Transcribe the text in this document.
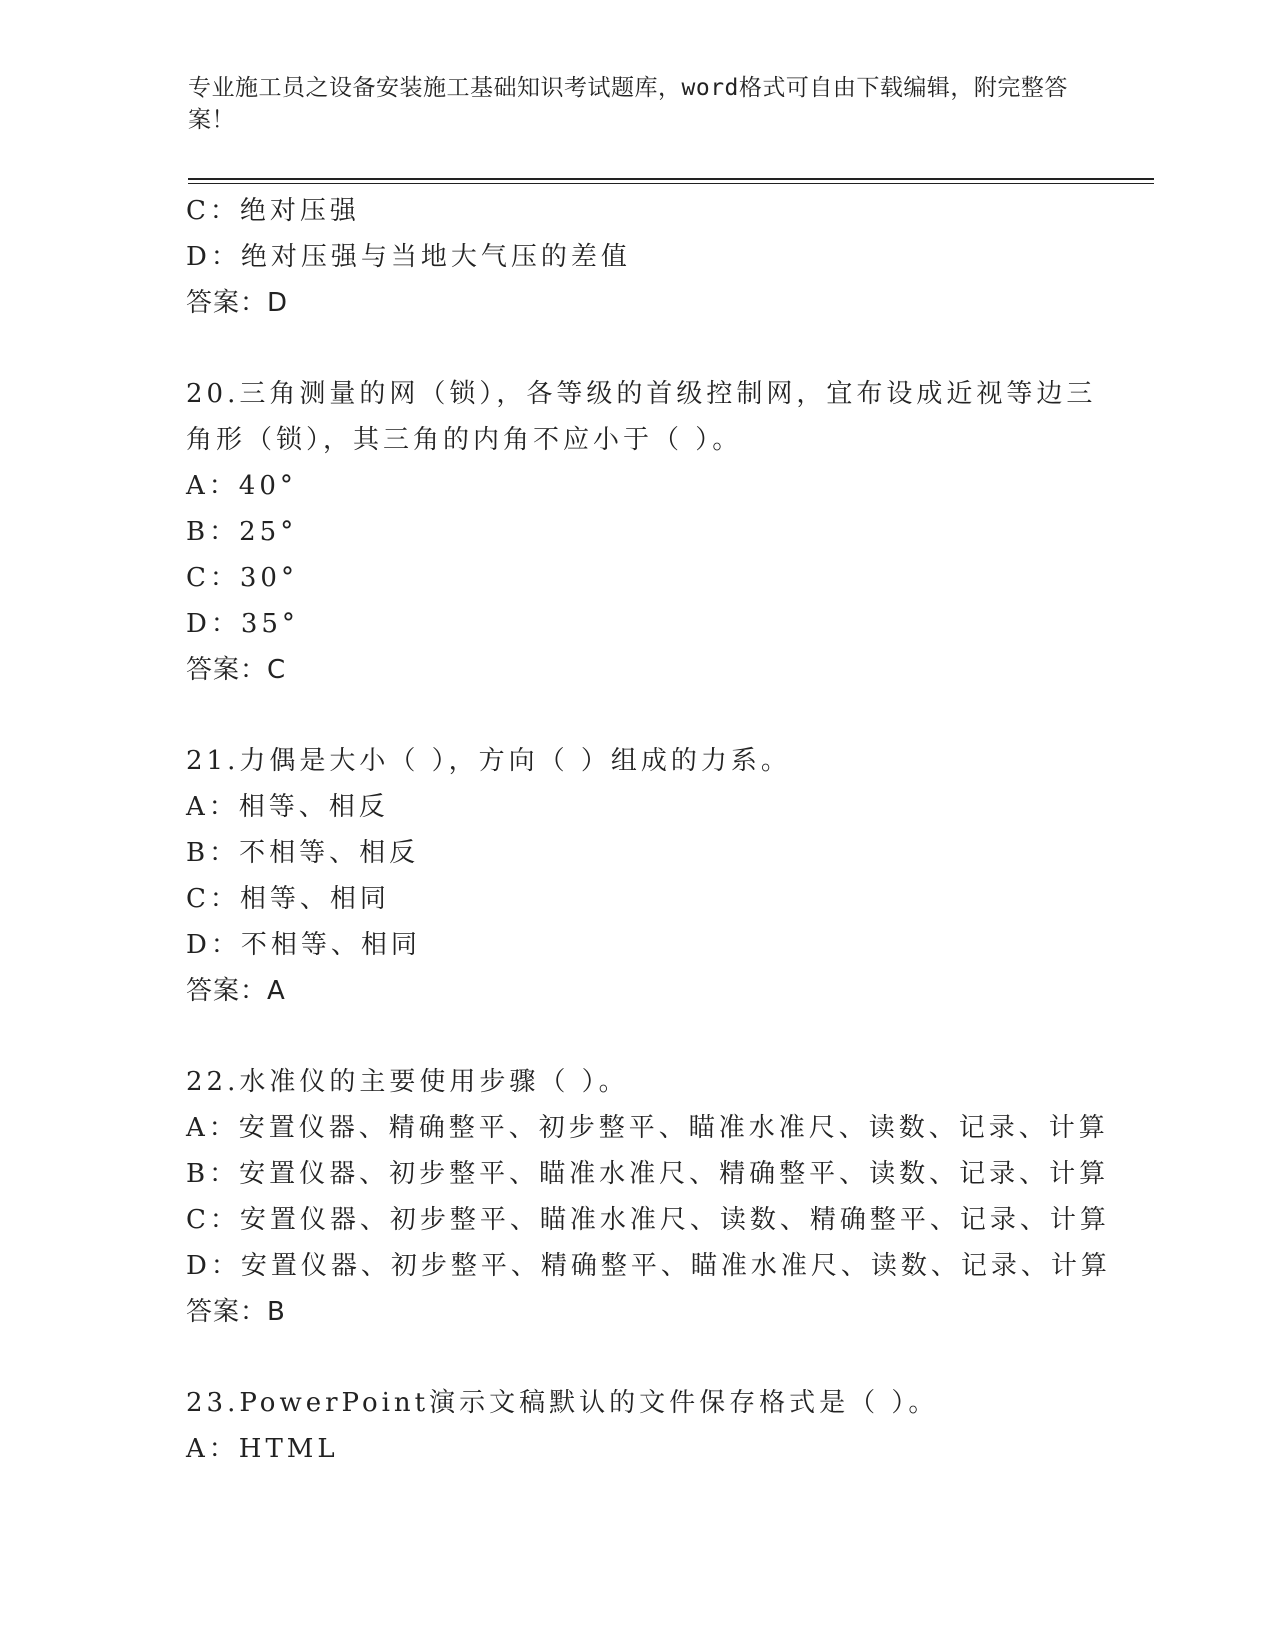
专业施工员之设备安装施工基础知识考试题库，word格式可自由下载编辑，附完整答案！
C：绝对压强
D：绝对压强与当地大气压的差值
答案：D
20.三角测量的网（锁），各等级的首级控制网，宜布设成近视等边三
角形（锁），其三角的内角不应小于（ ）。
A：40°
B：25°
C：30°
D：35°
答案：C
21.力偶是大小（ ），方向（ ）组成的力系。
A：相等、相反
B：不相等、相反
C：相等、相同
D：不相等、相同
答案：A
22.水准仪的主要使用步骤（ ）。
A：安置仪器、精确整平、初步整平、瞄准水准尺、读数、记录、计算
B：安置仪器、初步整平、瞄准水准尺、精确整平、读数、记录、计算
C：安置仪器、初步整平、瞄准水准尺、读数、精确整平、记录、计算
D：安置仪器、初步整平、精确整平、瞄准水准尺、读数、记录、计算
答案：B
23.PowerPoint演示文稿默认的文件保存格式是（ ）。
A：HTML
